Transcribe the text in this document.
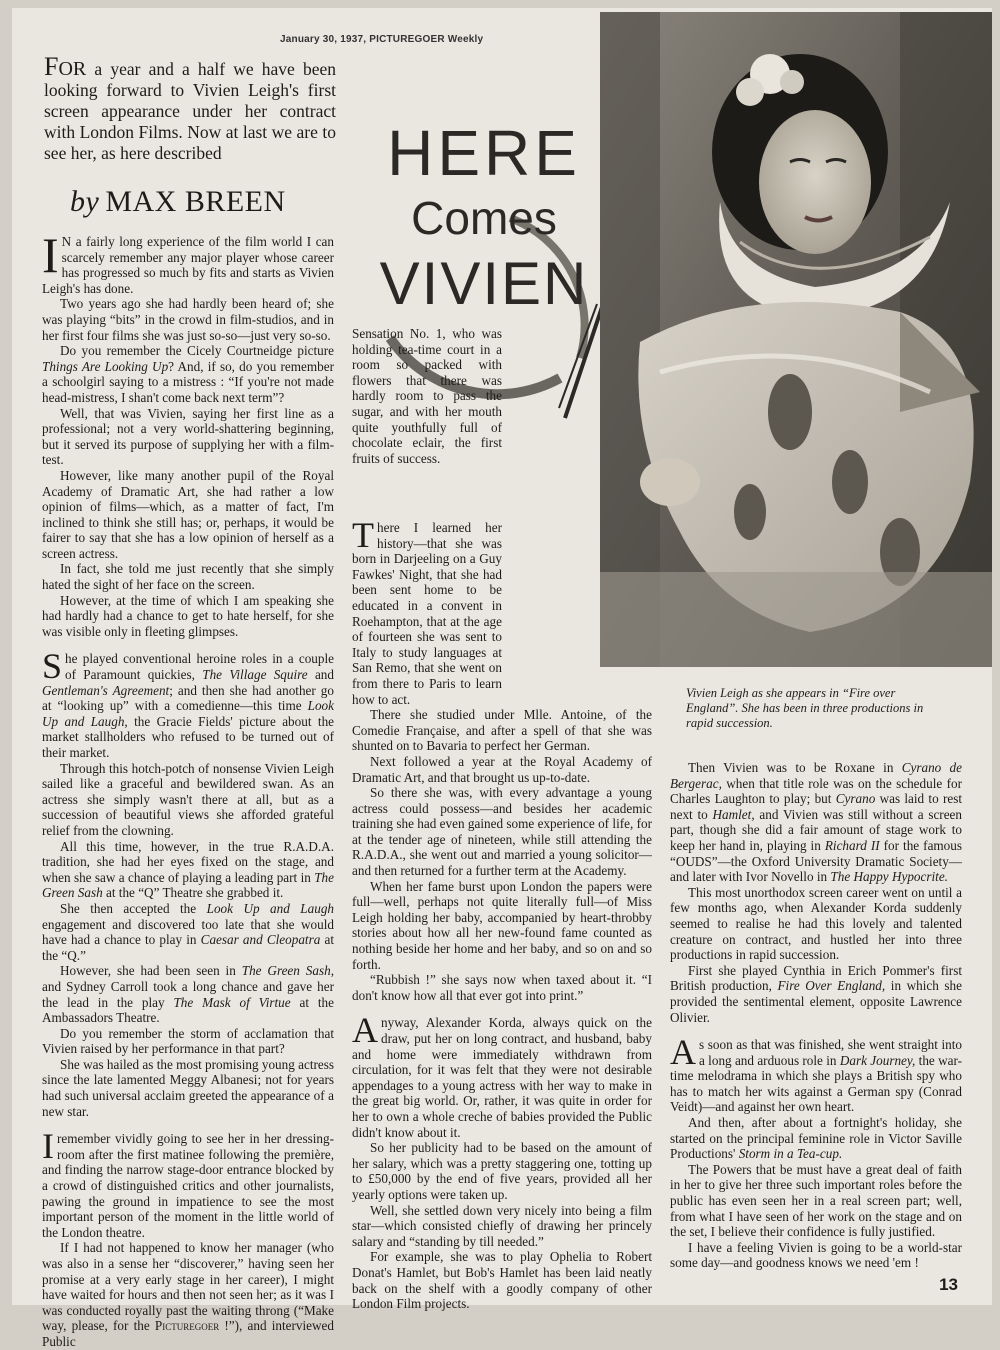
January 30, 1937, PICTUREGOER Weekly

FOR a year and a half we have been looking forward to Vivien Leigh's first screen appearance under her contract with London Films. Now at last we are to see her, as here described

by MAX BREEN

HERE
Comes
VIVIEN

Vivien Leigh as she appears in “Fire over England”. She has been in three productions in rapid succession.

I N a fairly long experience of the film world I can scarcely remember any major player whose career has progressed so much by fits and starts as Vivien Leigh's has done.

Two years ago she had hardly been heard of; she was playing “bits” in the crowd in film-studios, and in her first four films she was just so-so—just very so-so.

Do you remember the Cicely Courtneidge picture Things Are Looking Up? And, if so, do you remember a schoolgirl saying to a mistress : “If you're not made head-mistress, I shan't come back next term”?

Well, that was Vivien, saying her first line as a professional; not a very world-shattering beginning, but it served its purpose of supplying her with a film-test.

However, like many another pupil of the Royal Academy of Dramatic Art, she had rather a low opinion of films—which, as a matter of fact, I'm inclined to think she still has; or, perhaps, it would be fairer to say that she has a low opinion of herself as a screen actress.

In fact, she told me just recently that she simply hated the sight of her face on the screen.

However, at the time of which I am speaking she had hardly had a chance to get to hate herself, for she was visible only in fleeting glimpses.

She played conventional heroine roles in a couple of Paramount quickies, The Village Squire and Gentleman's Agreement; and then she had another go at “looking up” with a comedienne—this time Look Up and Laugh, the Gracie Fields' picture about the market stallholders who refused to be turned out of their market.

Through this hotch-potch of nonsense Vivien Leigh sailed like a graceful and bewildered swan. As an actress she simply wasn't there at all, but as a succession of beautiful views she afforded grateful relief from the clowning.

All this time, however, in the true R.A.D.A. tradition, she had her eyes fixed on the stage, and when she saw a chance of playing a leading part in The Green Sash at the “Q” Theatre she grabbed it.

She then accepted the Look Up and Laugh engagement and discovered too late that she would have had a chance to play in Caesar and Cleopatra at the “Q.”

However, she had been seen in The Green Sash, and Sydney Carroll took a long chance and gave her the lead in the play The Mask of Virtue at the Ambassadors Theatre.

Do you remember the storm of acclamation that Vivien raised by her performance in that part?

She was hailed as the most promising young actress since the late lamented Meggy Albanesi; not for years had such universal acclaim greeted the appearance of a new star.

I remember vividly going to see her in her dressing-room after the first matinee following the première, and finding the narrow stage-door entrance blocked by a crowd of distinguished critics and other journalists, pawing the ground in impatience to see the most important person of the moment in the little world of the London theatre.

If I had not happened to know her manager (who was also in a sense her “discoverer,” having seen her promise at a very early stage in her career), I might have waited for hours and then not seen her; as it was I was conducted royally past the waiting throng (“Make way, please, for the Picturegoer !”), and interviewed Public

Sensation No. 1, who was holding tea-time court in a room so packed with flowers that there was hardly room to pass the sugar, and with her mouth quite youthfully full of chocolate eclair, the first fruits of success.

There I learned her history—that she was born in Darjeeling on a Guy Fawkes' Night, that she had been sent home to be educated in a convent in Roehampton, that at the age of fourteen she was sent to Italy to study languages at San Remo, that she went on from there to Paris to learn how to act.

There she studied under Mlle. Antoine, of the Comedie Française, and after a spell of that she was shunted on to Bavaria to perfect her German.

Next followed a year at the Royal Academy of Dramatic Art, and that brought us up-to-date.

So there she was, with every advantage a young actress could possess—and besides her academic training she had even gained some experience of life, for at the tender age of nineteen, while still attending the R.A.D.A., she went out and married a young solicitor—and then returned for a further term at the Academy.

When her fame burst upon London the papers were full—well, perhaps not quite literally full—of Miss Leigh holding her baby, accompanied by heart-throbby stories about how all her new-found fame counted as nothing beside her home and her baby, and so on and so forth.

“Rubbish !” she says now when taxed about it. “I don't know how all that ever got into print.”

Anyway, Alexander Korda, always quick on the draw, put her on long contract, and husband, baby and home were immediately withdrawn from circulation, for it was felt that they were not desirable appendages to a young actress with her way to make in the great big world. Or, rather, it was quite in order for her to own a whole creche of babies provided the Public didn't know about it.

So her publicity had to be based on the amount of her salary, which was a pretty staggering one, totting up to £50,000 by the end of five years, provided all her yearly options were taken up.

Well, she settled down very nicely into being a film star—which consisted chiefly of drawing her princely salary and “standing by till needed.”

For example, she was to play Ophelia to Robert Donat's Hamlet, but Bob's Hamlet has been laid neatly back on the shelf with a goodly company of other London Film projects.

Then Vivien was to be Roxane in Cyrano de Bergerac, when that title role was on the schedule for Charles Laughton to play; but Cyrano was laid to rest next to Hamlet, and Vivien was still without a screen part, though she did a fair amount of stage work to keep her hand in, playing in Richard II for the famous “OUDS”—the Oxford University Dramatic Society—and later with Ivor Novello in The Happy Hypocrite.

This most unorthodox screen career went on until a few months ago, when Alexander Korda suddenly seemed to realise he had this lovely and talented creature on contract, and hustled her into three productions in rapid succession.

First she played Cynthia in Erich Pommer's first British production, Fire Over England, in which she provided the sentimental element, opposite Lawrence Olivier.

As soon as that was finished, she went straight into a long and arduous role in Dark Journey, the war-time melodrama in which she plays a British spy who has to match her wits against a German spy (Conrad Veidt)—and against her own heart.

And then, after about a fortnight's holiday, she started on the principal feminine role in Victor Saville Productions' Storm in a Tea-cup.

The Powers that be must have a great deal of faith in her to give her three such important roles before the public has even seen her in a real screen part; well, from what I have seen of her work on the stage and on the set, I believe their confidence is fully justified.

I have a feeling Vivien is going to be a world-star some day—and goodness knows we need 'em !

13
